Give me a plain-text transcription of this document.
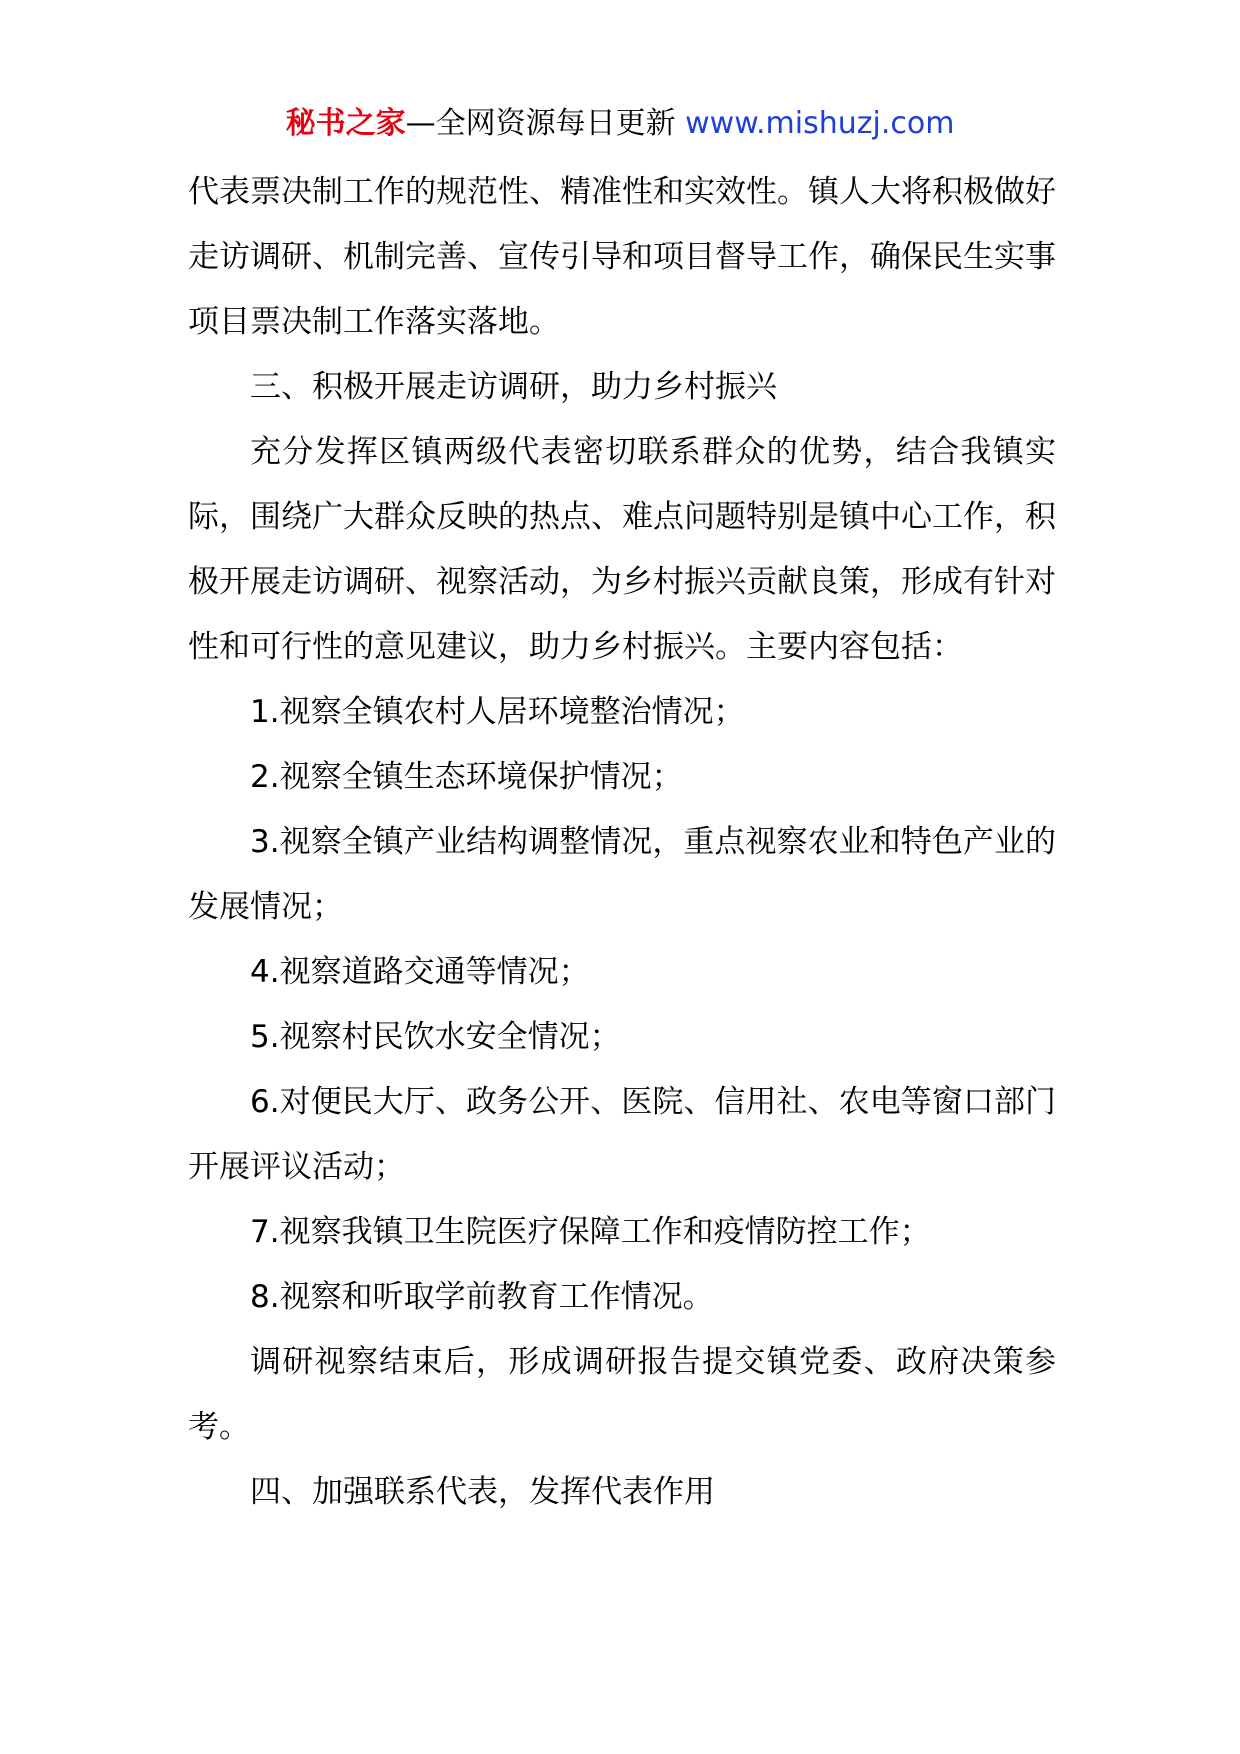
秘书之家—全网资源每日更新 www.mishuzj.com

代表票决制工作的规范性、精准性和实效性。镇人大将积极做好走访调研、机制完善、宣传引导和项目督导工作，确保民生实事项目票决制工作落实落地。

三、积极开展走访调研，助力乡村振兴

充分发挥区镇两级代表密切联系群众的优势，结合我镇实际，围绕广大群众反映的热点、难点问题特别是镇中心工作，积极开展走访调研、视察活动，为乡村振兴贡献良策，形成有针对性和可行性的意见建议，助力乡村振兴。主要内容包括：

1.视察全镇农村人居环境整治情况；

2.视察全镇生态环境保护情况；

3.视察全镇产业结构调整情况，重点视察农业和特色产业的发展情况；

4.视察道路交通等情况；

5.视察村民饮水安全情况；

6.对便民大厅、政务公开、医院、信用社、农电等窗口部门开展评议活动；

7.视察我镇卫生院医疗保障工作和疫情防控工作；

8.视察和听取学前教育工作情况。

调研视察结束后，形成调研报告提交镇党委、政府决策参考。

四、加强联系代表，发挥代表作用
